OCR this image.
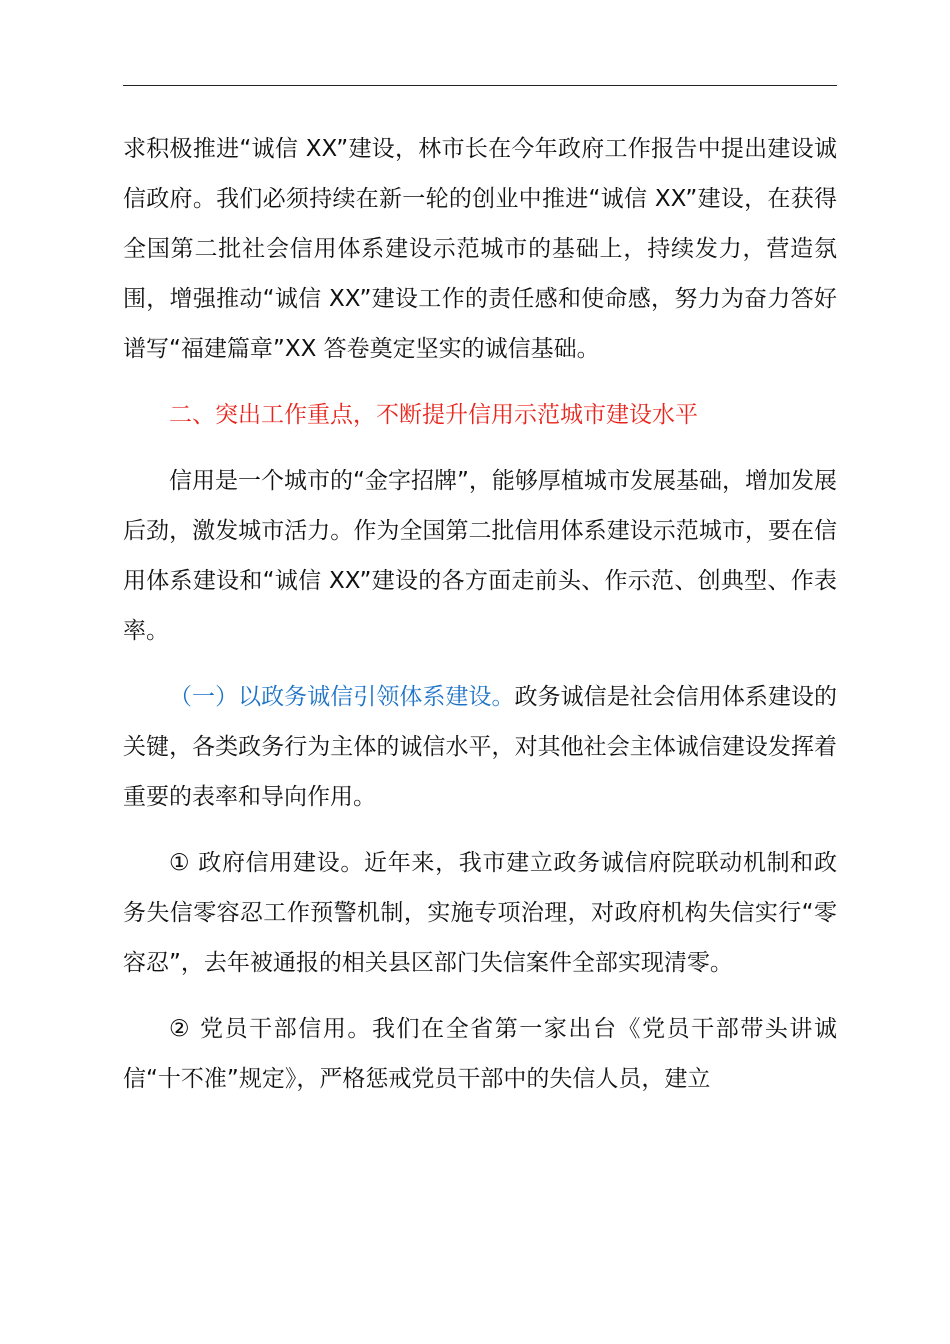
求积极推进“诚信 XX”建设，林市长在今年政府工作报告中提出建设诚信政府。我们必须持续在新一轮的创业中推进“诚信 XX”建设，在获得全国第二批社会信用体系建设示范城市的基础上，持续发力，营造氛围，增强推动“诚信 XX”建设工作的责任感和使命感，努力为奋力答好谱写“福建篇章”XX 答卷奠定坚实的诚信基础。

二、突出工作重点，不断提升信用示范城市建设水平

信用是一个城市的“金字招牌”，能够厚植城市发展基础，增加发展后劲，激发城市活力。作为全国第二批信用体系建设示范城市，要在信用体系建设和“诚信 XX”建设的各方面走前头、作示范、创典型、作表率。

（一）以政务诚信引领体系建设。政务诚信是社会信用体系建设的关键，各类政务行为主体的诚信水平，对其他社会主体诚信建设发挥着重要的表率和导向作用。

① 政府信用建设。近年来，我市建立政务诚信府院联动机制和政务失信零容忍工作预警机制，实施专项治理，对政府机构失信实行“零容忍”，去年被通报的相关县区部门失信案件全部实现清零。

② 党员干部信用。我们在全省第一家出台《党员干部带头讲诚信“十不准”规定》，严格惩戒党员干部中的失信人员，建立
